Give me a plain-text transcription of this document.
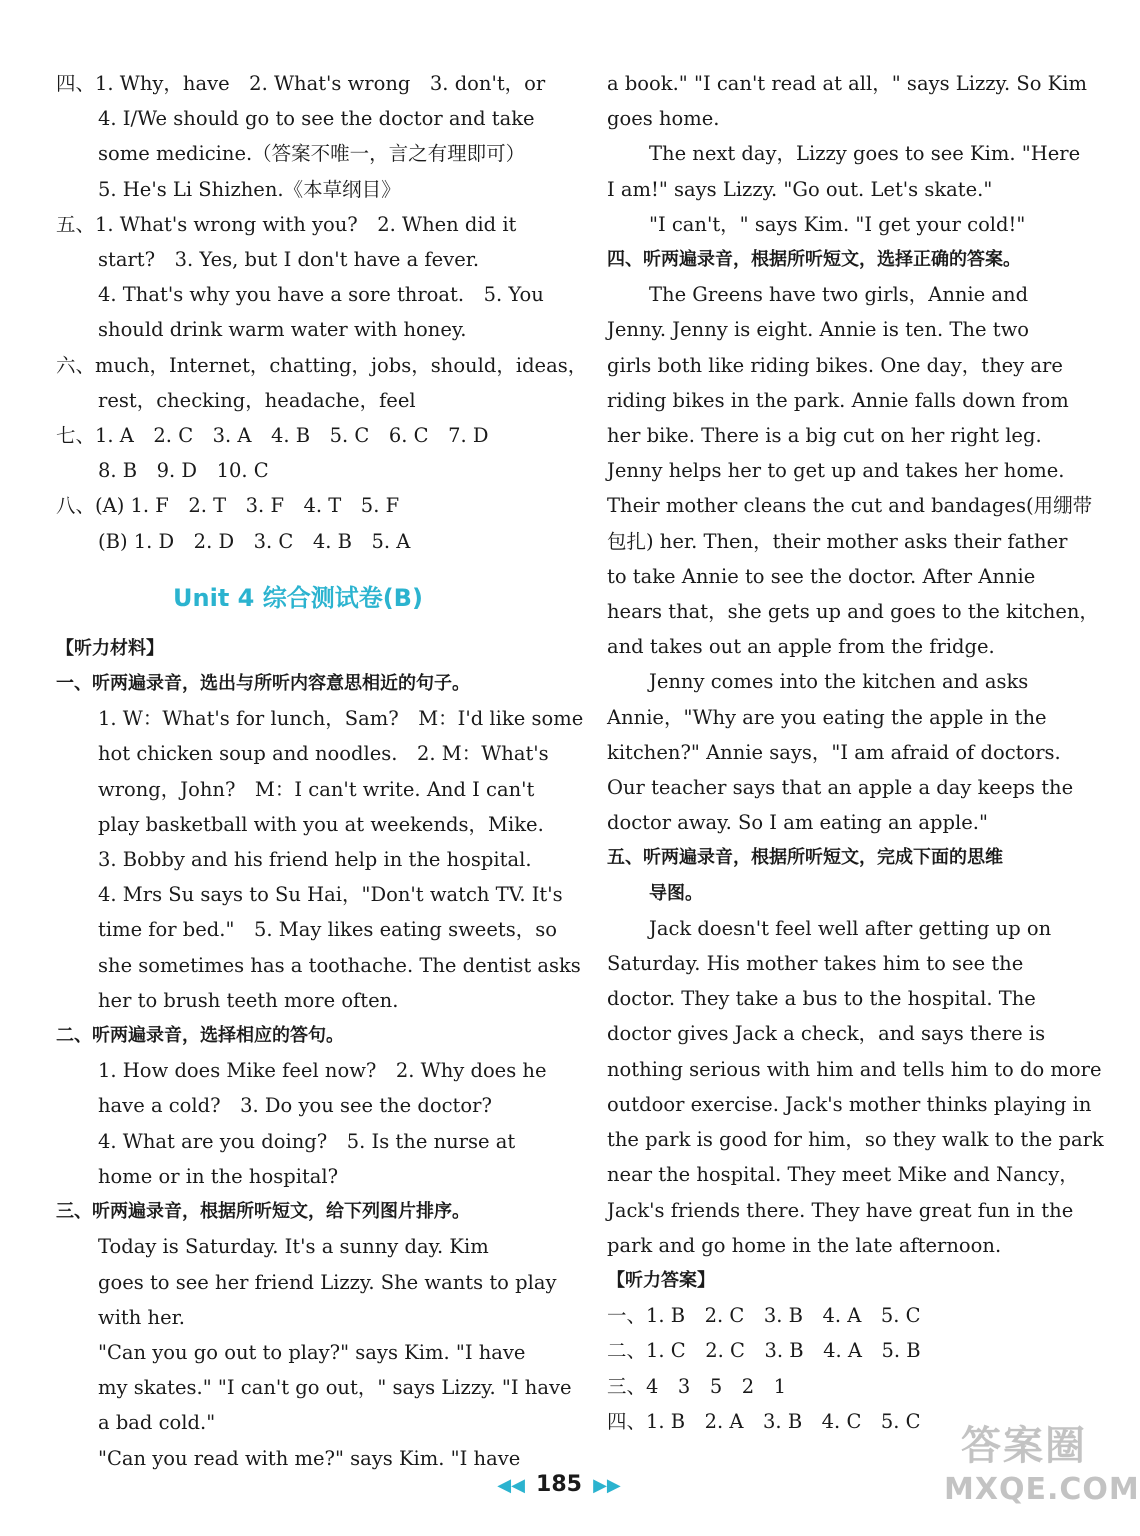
四、1. Why，have　2. What's wrong　3. don't，or
4. I/We should go to see the doctor and take
some medicine.（答案不唯一，言之有理即可）
5. He's Li Shizhen.《本草纲目》
五、1. What's wrong with you?　2. When did it
start?　3. Yes, but I don't have a fever.
4. That's why you have a sore throat.　5. You
should drink warm water with honey.
六、much，Internet，chatting，jobs，should，ideas，
rest，checking，headache，feel
七、1. A　2. C　3. A　4. B　5. C　6. C　7. D
8. B　9. D　10. C
八、(A) 1. F　2. T　3. F　4. T　5. F
(B) 1. D　2. D　3. C　4. B　5. A
Unit 4 综合测试卷(B)
【听力材料】
一、听两遍录音，选出与所听内容意思相近的句子。
1. W：What's for lunch，Sam?　M：I'd like some
hot chicken soup and noodles.　2. M：What's
wrong，John?　M：I can't write. And I can't
play basketball with you at weekends，Mike.
3. Bobby and his friend help in the hospital.
4. Mrs Su says to Su Hai，"Don't watch TV. It's
time for bed."　5. May likes eating sweets，so
she sometimes has a toothache. The dentist asks
her to brush teeth more often.
二、听两遍录音，选择相应的答句。
1. How does Mike feel now?　2. Why does he
have a cold?　3. Do you see the doctor?
4. What are you doing?　5. Is the nurse at
home or in the hospital?
三、听两遍录音，根据所听短文，给下列图片排序。
Today is Saturday. It's a sunny day. Kim
goes to see her friend Lizzy. She wants to play
with her.
"Can you go out to play?" says Kim. "I have
my skates." "I can't go out，" says Lizzy. "I have
a bad cold."
"Can you read with me?" says Kim. "I have
a book." "I can't read at all，" says Lizzy. So Kim
goes home.
The next day，Lizzy goes to see Kim. "Here
I am!" says Lizzy. "Go out. Let's skate."
"I can't，" says Kim. "I get your cold!"
四、听两遍录音，根据所听短文，选择正确的答案。
The Greens have two girls，Annie and
Jenny. Jenny is eight. Annie is ten. The two
girls both like riding bikes. One day，they are
riding bikes in the park. Annie falls down from
her bike. There is a big cut on her right leg.
Jenny helps her to get up and takes her home.
Their mother cleans the cut and bandages(用绷带
包扎) her. Then，their mother asks their father
to take Annie to see the doctor. After Annie
hears that，she gets up and goes to the kitchen，
and takes out an apple from the fridge.
Jenny comes into the kitchen and asks
Annie，"Why are you eating the apple in the
kitchen?" Annie says，"I am afraid of doctors.
Our teacher says that an apple a day keeps the
doctor away. So I am eating an apple."
五、听两遍录音，根据所听短文，完成下面的思维
导图。
Jack doesn't feel well after getting up on
Saturday. His mother takes him to see the
doctor. They take a bus to the hospital. The
doctor gives Jack a check，and says there is
nothing serious with him and tells him to do more
outdoor exercise. Jack's mother thinks playing in
the park is good for him，so they walk to the park
near the hospital. They meet Mike and Nancy，
Jack's friends there. They have great fun in the
park and go home in the late afternoon.
【听力答案】
一、1. B　2. C　3. B　4. A　5. C
二、1. C　2. C　3. B　4. A　5. B
三、4　3　5　2　1
四、1. B　2. A　3. B　4. C　5. C
◀◀ 185 ▶▶
答案圈
MXQE.COM
